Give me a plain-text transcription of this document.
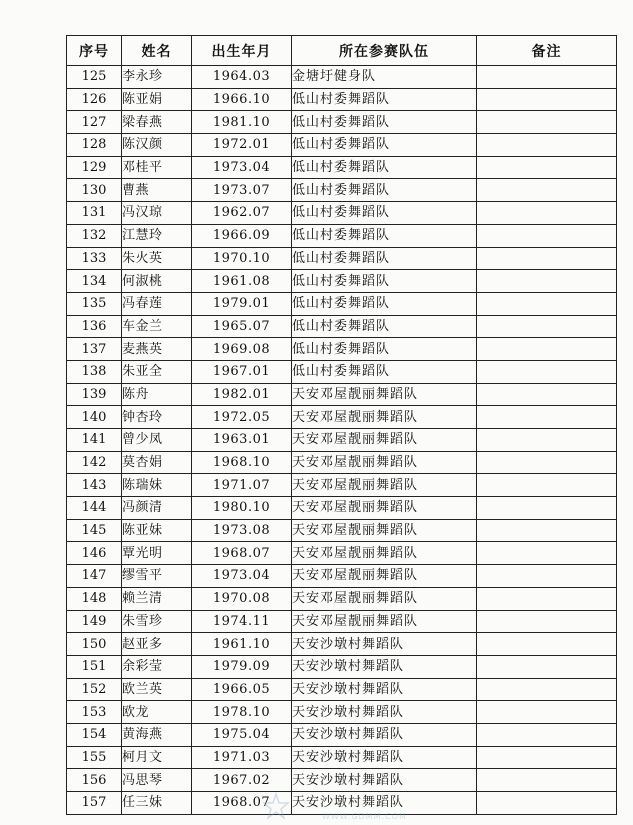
序号	姓名	出生年月	所在参赛队伍	备注
125	李永珍	1964.03	金塘圩健身队	
126	陈亚娟	1966.10	低山村委舞蹈队	
127	梁春燕	1981.10	低山村委舞蹈队	
128	陈汉颜	1972.01	低山村委舞蹈队	
129	邓桂平	1973.04	低山村委舞蹈队	
130	曹燕	1973.07	低山村委舞蹈队	
131	冯汉琼	1962.07	低山村委舞蹈队	
132	江慧玲	1966.09	低山村委舞蹈队	
133	朱火英	1970.10	低山村委舞蹈队	
134	何淑桃	1961.08	低山村委舞蹈队	
135	冯春莲	1979.01	低山村委舞蹈队	
136	车金兰	1965.07	低山村委舞蹈队	
137	麦燕英	1969.08	低山村委舞蹈队	
138	朱亚全	1967.01	低山村委舞蹈队	
139	陈舟	1982.01	天安邓屋靓丽舞蹈队	
140	钟杏玲	1972.05	天安邓屋靓丽舞蹈队	
141	曾少凤	1963.01	天安邓屋靓丽舞蹈队	
142	莫杏娟	1968.10	天安邓屋靓丽舞蹈队	
143	陈瑞妹	1971.07	天安邓屋靓丽舞蹈队	
144	冯颜清	1980.10	天安邓屋靓丽舞蹈队	
145	陈亚妹	1973.08	天安邓屋靓丽舞蹈队	
146	覃光明	1968.07	天安邓屋靓丽舞蹈队	
147	缪雪平	1973.04	天安邓屋靓丽舞蹈队	
148	赖兰清	1970.08	天安邓屋靓丽舞蹈队	
149	朱雪珍	1974.11	天安邓屋靓丽舞蹈队	
150	赵亚多	1961.10	天安沙墩村舞蹈队	
151	余彩莹	1979.09	天安沙墩村舞蹈队	
152	欧兰英	1966.05	天安沙墩村舞蹈队	
153	欧龙	1978.10	天安沙墩村舞蹈队	
154	黄海燕	1975.04	天安沙墩村舞蹈队	
155	柯月文	1971.03	天安沙墩村舞蹈队	
156	冯思琴	1967.02	天安沙墩村舞蹈队	
157	任三妹	1968.07	天安沙墩村舞蹈队	
WWW.GDMM.COM
